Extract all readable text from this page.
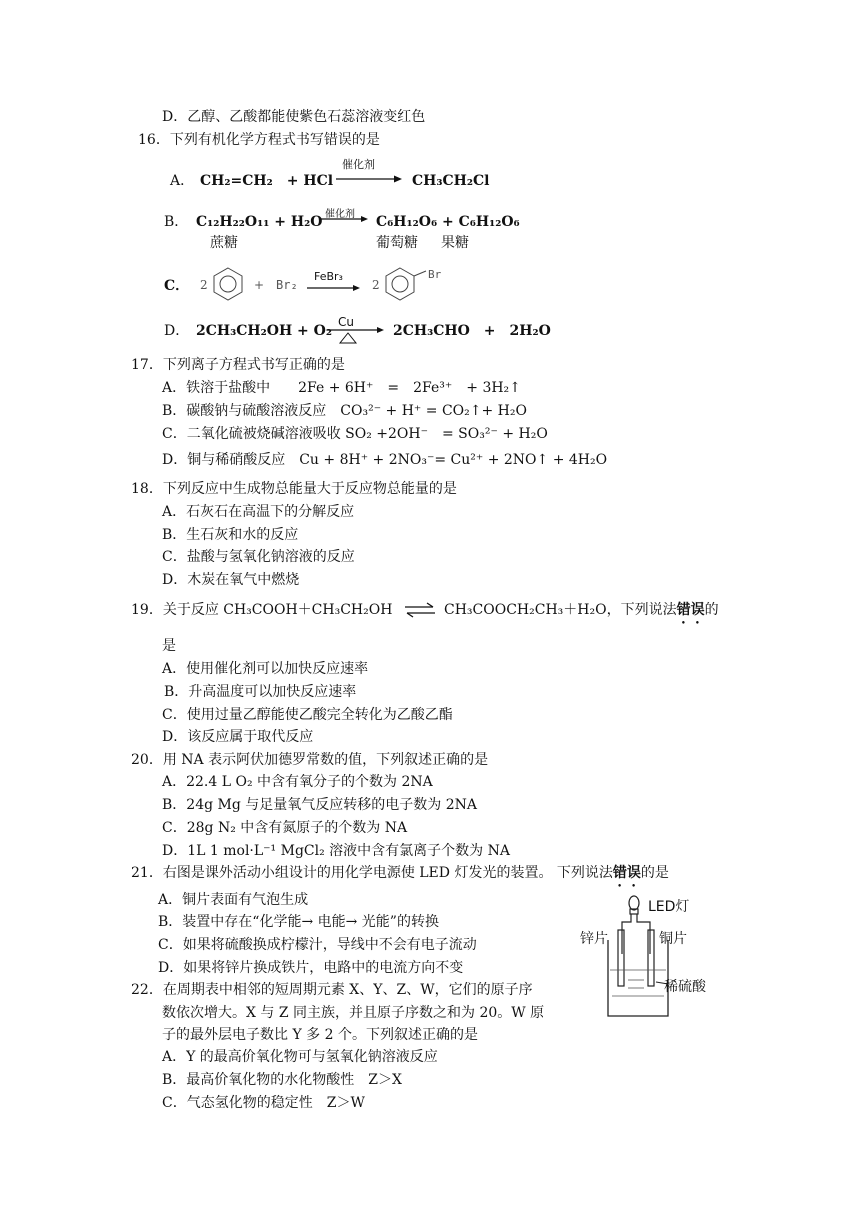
D．乙醇、乙酸都能使紫色石蕊溶液变红色
16．下列有机化学方程式书写错误的是
A． CH₂=CH₂　+ HCl
催化剂
CH₃CH₂Cl
B． C₁₂H₂₂O₁₁ + H₂O 催化剂 C₆H₁₂O₆ + C₆H₁₂O₆
蔗糖	葡萄糖 果糖
C． 2	+ Br₂
FeBr₃
2
Br
D． 2CH₃CH₂OH + O₂
Cu
2CH₃CHO　+　2H₂O
17．下列离子方程式书写正确的是
A．铁溶于盐酸中　　2Fe + 6H⁺　=　2Fe³⁺　+ 3H₂↑
B．碳酸钠与硫酸溶液反应　CO₃²⁻ + H⁺ = CO₂↑+ H₂O
C．二氧化硫被烧碱溶液吸收 SO₂ +2OH⁻　= SO₃²⁻ + H₂O
D．铜与稀硝酸反应　Cu + 8H⁺ + 2NO₃⁻= Cu²⁺ + 2NO↑ + 4H₂O
18．下列反应中生成物总能量大于反应物总能量的是
A．石灰石在高温下的分解反应
B．生石灰和水的反应
C．盐酸与氢氧化钠溶液的反应
D．木炭在氧气中燃烧
19．关于反应 CH₃COOH＋CH₃CH₂OH ⇌ CH₃COOCH₂CH₃＋H₂O，下列说法错误的
是
A．使用催化剂可以加快反应速率
B．升高温度可以加快反应速率
C．使用过量乙醇能使乙酸完全转化为乙酸乙酯
D．该反应属于取代反应
20．用 NA 表示阿伏加德罗常数的值，下列叙述正确的是
A．22.4 L O₂ 中含有氧分子的个数为 2NA
B．24g Mg 与足量氧气反应转移的电子数为 2NA
C．28g N₂ 中含有氮原子的个数为 NA
D．1L 1 mol·L⁻¹ MgCl₂ 溶液中含有氯离子个数为 NA
21．右图是课外活动小组设计的用化学电源使 LED 灯发光的装置。 下列说法错误的是
A．铜片表面有气泡生成
B．装置中存在“化学能→ 电能→ 光能”的转换
C．如果将硫酸换成柠檬汁，导线中不会有电子流动
D．如果将锌片换成铁片，电路中的电流方向不变
LED灯
锌片	铜片
稀硫酸
22．在周期表中相邻的短周期元素 X、Y、Z、W，它们的原子序
数依次增大。X 与 Z 同主族，并且原子序数之和为 20。W 原
子的最外层电子数比 Y 多 2 个。下列叙述正确的是
A．Y 的最高价氧化物可与氢氧化钠溶液反应
B．最高价氧化物的水化物酸性　Z＞X
C．气态氢化物的稳定性　Z＞W
